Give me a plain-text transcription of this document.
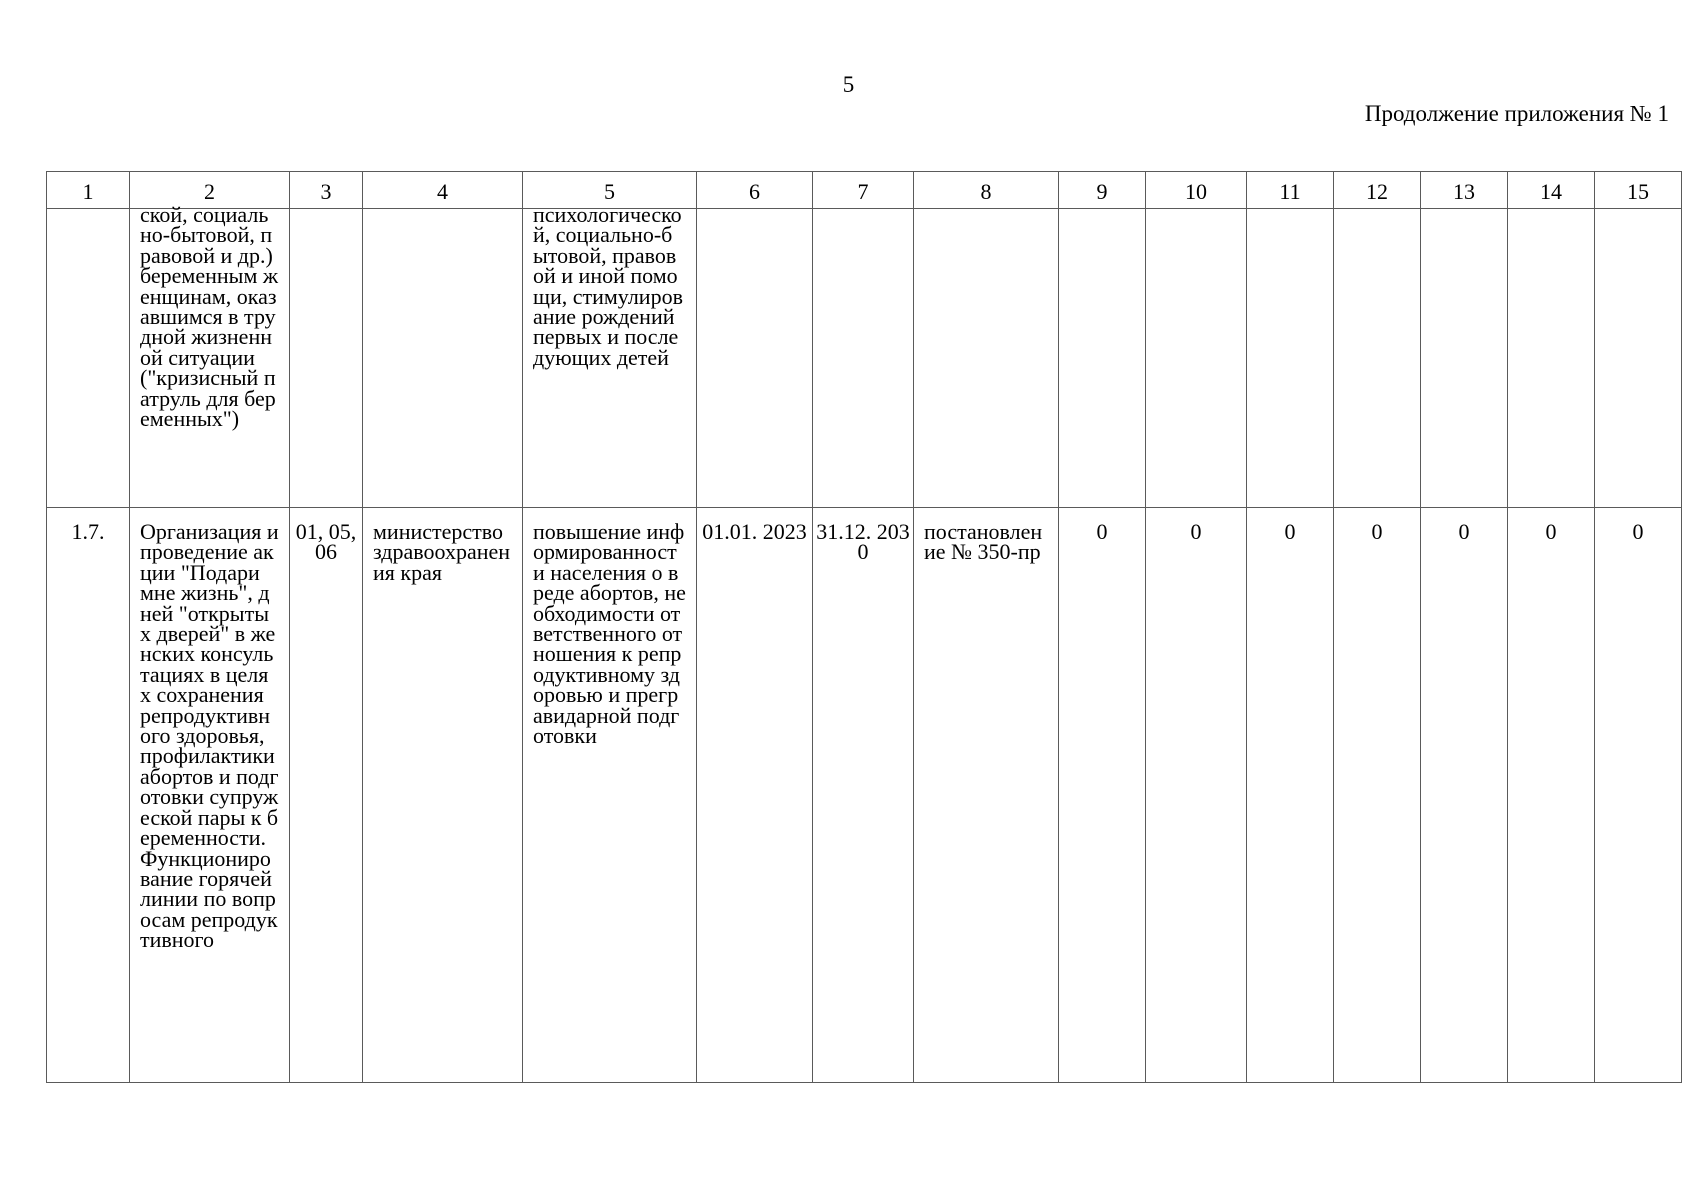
5
Продолжение приложения № 1
1	2	3	4	5	6	7	8	9	10	11	12	13	14	15

	ской, социально-бытовой, правовой и др.) беременным женщинам, оказавшимся в трудной жизненной ситуации ("кризисный патруль для беременных")			психологической, социально-бытовой, правовой и иной помощи, стимулирование рождений первых и последующих детей										

1.7.	Организация и проведение акции "Подари мне жизнь", дней "открытых дверей" в женских консультациях в целях сохранения репродуктивного здоровья, профилактики абортов и подготовки супружеской пары к беременности. Функционирование горячей линии по вопросам репродуктивного	01, 05, 06	министерство здравоохранения края	повышение информированности населения о вреде абортов, необходимости ответственного отношения к репродуктивному здоровью и прегравидарной подготовки	01.01. 2023	31.12. 2030	постановление № 350-пр	0	0	0	0	0	0	0
